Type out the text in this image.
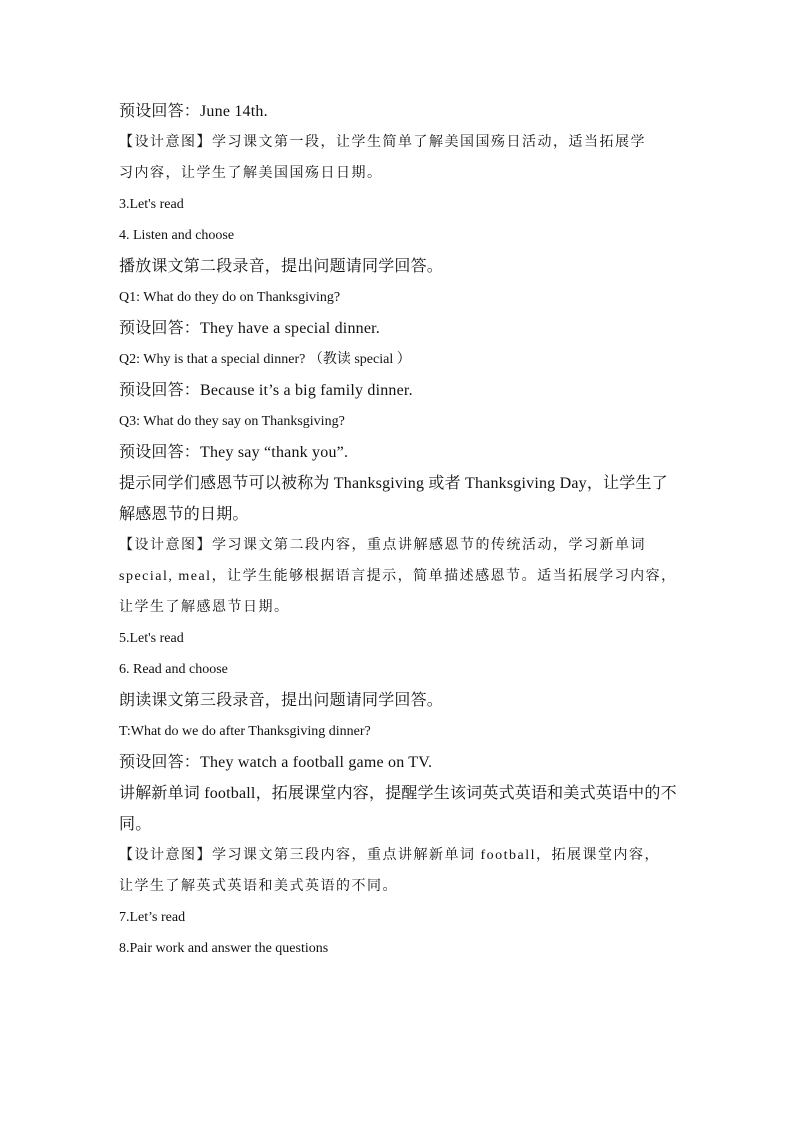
预设回答：June 14th.

【设计意图】学习课文第一段，让学生简单了解美国国殇日活动，适当拓展学

习内容，让学生了解美国国殇日日期。

3.Let's read

4. Listen and choose

播放课文第二段录音，提出问题请同学回答。

Q1: What do they do on Thanksgiving?

预设回答：They have a special dinner.

Q2: Why is that a special dinner? （教读 special ）

预设回答：Because it’s a big family dinner.

Q3: What do they say on Thanksgiving?

预设回答：They say “thank you”.

提示同学们感恩节可以被称为 Thanksgiving 或者 Thanksgiving Day，让学生了

解感恩节的日期。

【设计意图】学习课文第二段内容，重点讲解感恩节的传统活动，学习新单词

special, meal，让学生能够根据语言提示，简单描述感恩节。适当拓展学习内容，

让学生了解感恩节日期。

5.Let's read

6. Read and choose

朗读课文第三段录音，提出问题请同学回答。

T:What do we do after Thanksgiving dinner?

预设回答：They watch a football game on TV.

讲解新单词 football，拓展课堂内容，提醒学生该词英式英语和美式英语中的不

同。

【设计意图】学习课文第三段内容，重点讲解新单词 football，拓展课堂内容，

让学生了解英式英语和美式英语的不同。

7.Let’s read

8.Pair work and answer the questions
